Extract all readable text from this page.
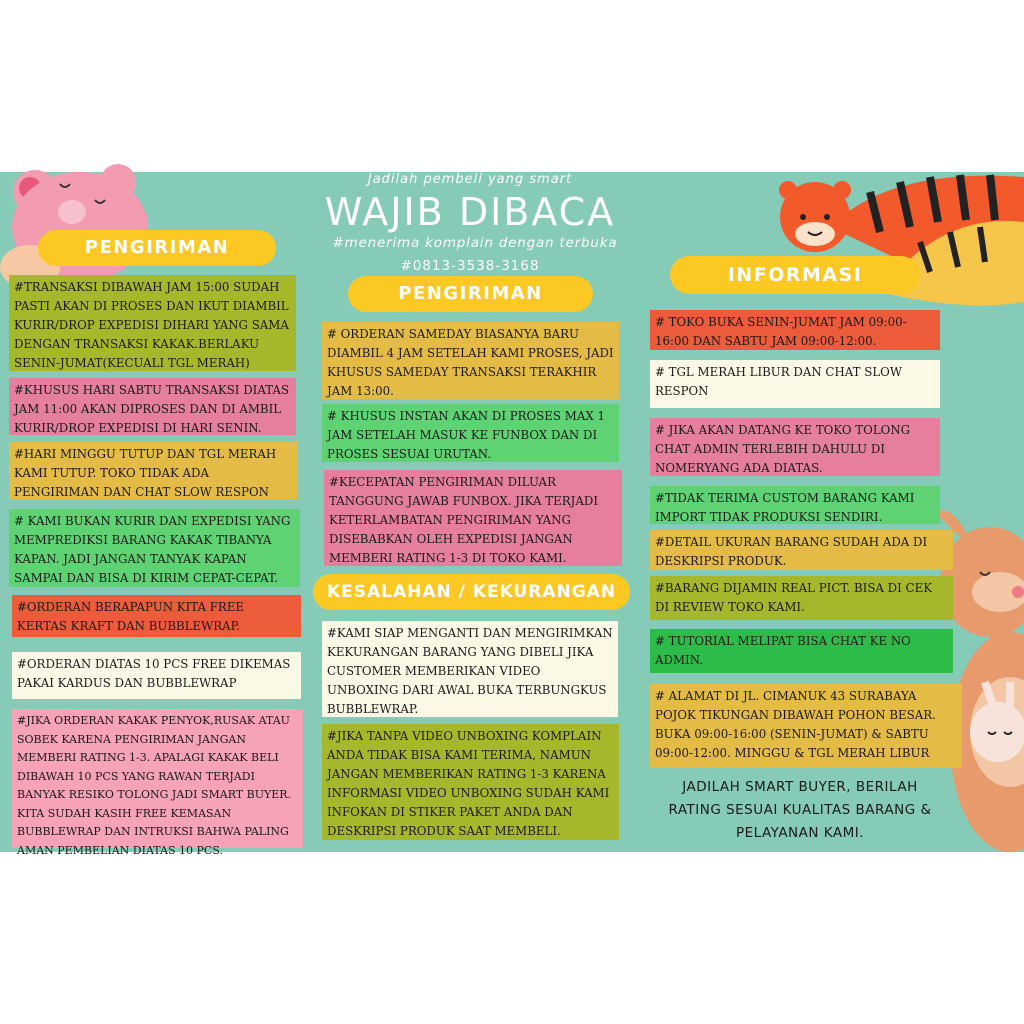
Jadilah pembeli yang smart
WAJIB DIBACA
#menerima komplain dengan terbuka
#0813-3538-3168
PENGIRIMAN
#TRANSAKSI DIBAWAH JAM 15:00 SUDAH PASTI AKAN DI PROSES DAN IKUT DIAMBIL KURIR/DROP EXPEDISI DIHARI YANG SAMA DENGAN TRANSAKSI KAKAK.BERLAKU SENIN-JUMAT(KECUALI TGL MERAH)
#KHUSUS HARI SABTU TRANSAKSI DIATAS JAM 11:00 AKAN DIPROSES DAN DI AMBIL KURIR/DROP EXPEDISI DI HARI SENIN.
#HARI MINGGU TUTUP DAN TGL MERAH KAMI TUTUP. TOKO TIDAK ADA PENGIRIMAN DAN CHAT SLOW RESPON
# KAMI BUKAN KURIR DAN EXPEDISI YANG MEMPREDIKSI BARANG KAKAK TIBANYA KAPAN. JADI JANGAN TANYAK KAPAN SAMPAI DAN BISA DI KIRIM CEPAT-CEPAT.
#ORDERAN BERAPAPUN KITA FREE KERTAS KRAFT DAN BUBBLEWRAP.
#ORDERAN DIATAS 10 PCS FREE DIKEMAS PAKAI KARDUS DAN BUBBLEWRAP
#JIKA ORDERAN KAKAK PENYOK,RUSAK ATAU SOBEK KARENA PENGIRIMAN JANGAN MEMBERI RATING 1-3. APALAGI KAKAK BELI DIBAWAH 10 PCS YANG RAWAN TERJADI BANYAK RESIKO TOLONG JADI SMART BUYER. KITA SUDAH KASIH FREE KEMASAN BUBBLEWRAP DAN INTRUKSI BAHWA PALING AMAN PEMBELIAN DIATAS 10 PCS.
PENGIRIMAN
# ORDERAN SAMEDAY BIASANYA BARU DIAMBIL 4 JAM SETELAH KAMI PROSES, JADI KHUSUS SAMEDAY TRANSAKSI TERAKHIR JAM 13:00.
# KHUSUS INSTAN AKAN DI PROSES MAX 1 JAM SETELAH MASUK KE FUNBOX DAN DI PROSES SESUAI URUTAN.
#KECEPATAN PENGIRIMAN DILUAR TANGGUNG JAWAB FUNBOX. JIKA TERJADI KETERLAMBATAN PENGIRIMAN YANG DISEBABKAN OLEH EXPEDISI JANGAN MEMBERI RATING 1-3 DI TOKO KAMI.
KESALAHAN / KEKURANGAN
#KAMI SIAP MENGANTI DAN MENGIRIMKAN KEKURANGAN BARANG YANG DIBELI JIKA CUSTOMER MEMBERIKAN VIDEO UNBOXING DARI AWAL BUKA TERBUNGKUS BUBBLEWRAP.
#JIKA TANPA VIDEO UNBOXING KOMPLAIN ANDA TIDAK BISA KAMI TERIMA, NAMUN JANGAN MEMBERIKAN RATING 1-3 KARENA INFORMASI VIDEO UNBOXING SUDAH KAMI INFOKAN DI STIKER PAKET ANDA DAN DESKRIPSI PRODUK SAAT MEMBELI.
INFORMASI
# TOKO BUKA SENIN-JUMAT JAM 09:00-16:00 DAN SABTU JAM 09:00-12:00.
# TGL MERAH LIBUR DAN CHAT SLOW RESPON
# JIKA AKAN DATANG KE TOKO TOLONG CHAT ADMIN TERLEBIH DAHULU DI NOMERYANG ADA DIATAS.
#TIDAK TERIMA CUSTOM BARANG KAMI IMPORT TIDAK PRODUKSI SENDIRI.
#DETAIL UKURAN BARANG SUDAH ADA DI DESKRIPSI PRODUK.
#BARANG DIJAMIN REAL PICT. BISA DI CEK DI REVIEW TOKO KAMI.
# TUTORIAL MELIPAT BISA CHAT KE NO ADMIN.
# ALAMAT DI JL. CIMANUK 43 SURABAYA POJOK TIKUNGAN DIBAWAH POHON BESAR. BUKA 09:00-16:00 (SENIN-JUMAT) & SABTU 09:00-12:00. MINGGU & TGL MERAH LIBUR
JADILAH SMART BUYER, BERILAH RATING SESUAI KUALITAS BARANG & PELAYANAN KAMI.
